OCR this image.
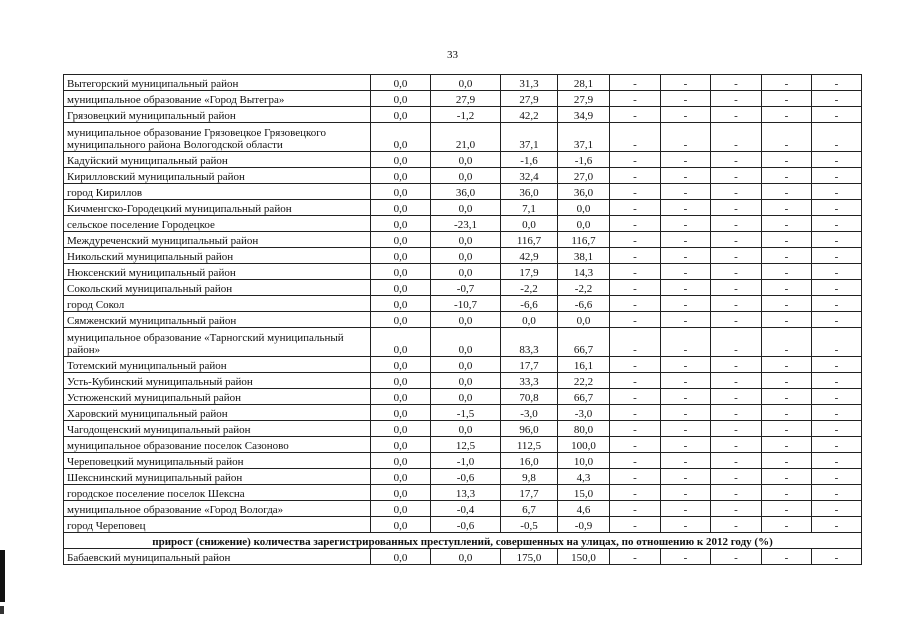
33
Вытегорский муниципальный район	0,0	0,0	31,3	28,1	-	-	-	-	-
муниципальное образование «Город Вытегра»	0,0	27,9	27,9	27,9	-	-	-	-	-
Грязовецкий муниципальный район	0,0	-1,2	42,2	34,9	-	-	-	-	-
муниципальное образование Грязовецкое Грязовецкого муниципального района Вологодской области	0,0	21,0	37,1	37,1	-	-	-	-	-
Кадуйский муниципальный район	0,0	0,0	-1,6	-1,6	-	-	-	-	-
Кирилловский муниципальный район	0,0	0,0	32,4	27,0	-	-	-	-	-
город Кириллов	0,0	36,0	36,0	36,0	-	-	-	-	-
Кичменгско-Городецкий муниципальный район	0,0	0,0	7,1	0,0	-	-	-	-	-
сельское поселение Городецкое	0,0	-23,1	0,0	0,0	-	-	-	-	-
Междуреченский муниципальный район	0,0	0,0	116,7	116,7	-	-	-	-	-
Никольский муниципальный район	0,0	0,0	42,9	38,1	-	-	-	-	-
Нюксенский муниципальный район	0,0	0,0	17,9	14,3	-	-	-	-	-
Сокольский муниципальный район	0,0	-0,7	-2,2	-2,2	-	-	-	-	-
город Сокол	0,0	-10,7	-6,6	-6,6	-	-	-	-	-
Сямженский муниципальный район	0,0	0,0	0,0	0,0	-	-	-	-	-
муниципальное образование «Тарногский муниципальный район»	0,0	0,0	83,3	66,7	-	-	-	-	-
Тотемский муниципальный район	0,0	0,0	17,7	16,1	-	-	-	-	-
Усть-Кубинский муниципальный район	0,0	0,0	33,3	22,2	-	-	-	-	-
Устюженский муниципальный район	0,0	0,0	70,8	66,7	-	-	-	-	-
Харовский муниципальный район	0,0	-1,5	-3,0	-3,0	-	-	-	-	-
Чагодощенский муниципальный район	0,0	0,0	96,0	80,0	-	-	-	-	-
муниципальное образование поселок Сазоново	0,0	12,5	112,5	100,0	-	-	-	-	-
Череповецкий муниципальный район	0,0	-1,0	16,0	10,0	-	-	-	-	-
Шекснинский муниципальный район	0,0	-0,6	9,8	4,3	-	-	-	-	-
городское поселение поселок Шексна	0,0	13,3	17,7	15,0	-	-	-	-	-
муниципальное образование «Город Вологда»	0,0	-0,4	6,7	4,6	-	-	-	-	-
город Череповец	0,0	-0,6	-0,5	-0,9	-	-	-	-	-
прирост (снижение) количества зарегистрированных преступлений, совершенных на улицах, по отношению к 2012 году (%)									
Бабаевский муниципальный район	0,0	0,0	175,0	150,0	-	-	-	-	-
